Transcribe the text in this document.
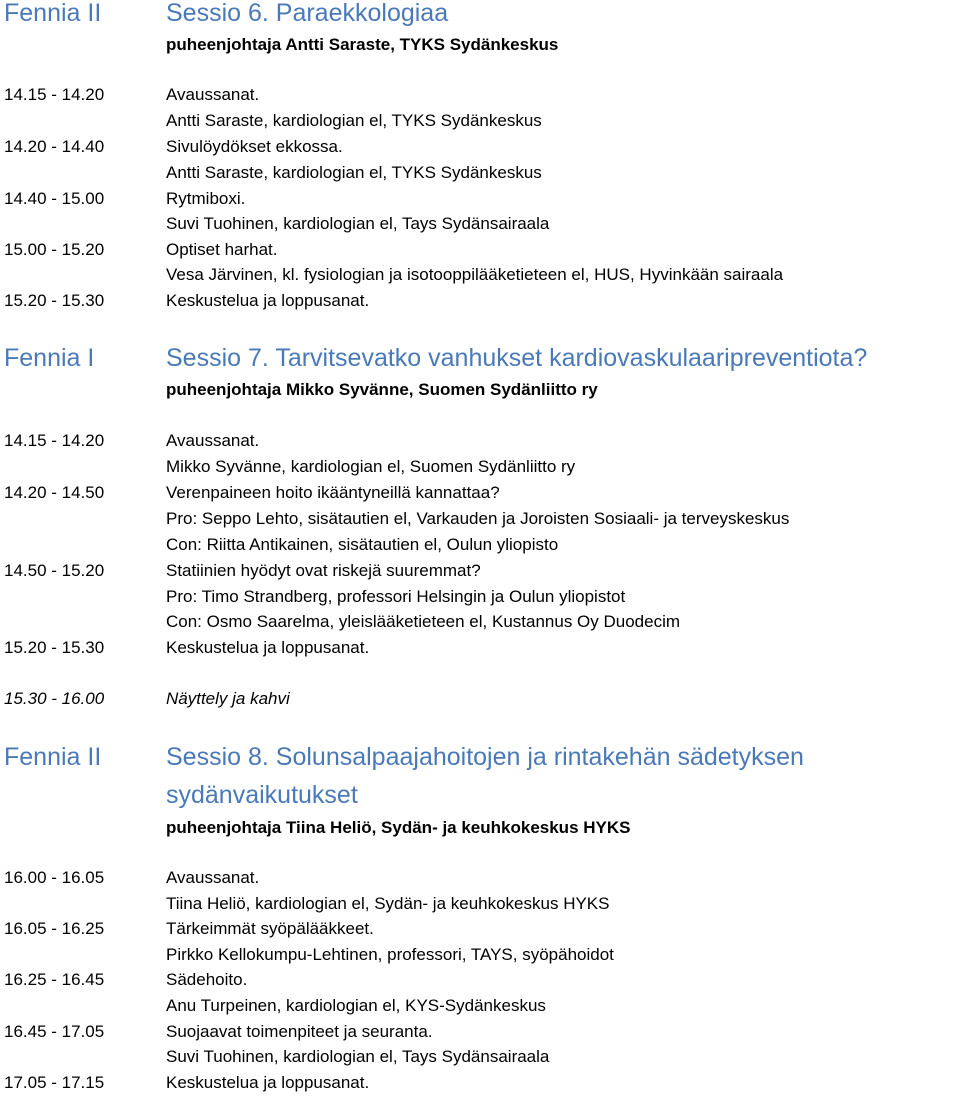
Fennia II	Sessio 6. Paraekkologiaa
puheenjohtaja Antti Saraste, TYKS Sydänkeskus
14.15 - 14.20	Avaussanat.
Antti Saraste, kardiologian el, TYKS Sydänkeskus
14.20 - 14.40	Sivulöydökset ekkossa.
Antti Saraste, kardiologian el, TYKS Sydänkeskus
14.40 - 15.00	Rytmiboxi.
Suvi Tuohinen, kardiologian el, Tays Sydänsairaala
15.00 - 15.20	Optiset harhat.
Vesa Järvinen, kl. fysiologian ja isotooppilääketieteen el, HUS, Hyvinkään sairaala
15.20 - 15.30	Keskustelua ja loppusanat.
Fennia I	Sessio 7. Tarvitsevatko vanhukset kardiovaskulaaripreventiota?
puheenjohtaja Mikko Syvänne, Suomen Sydänliitto ry
14.15 - 14.20	Avaussanat.
Mikko Syvänne, kardiologian el, Suomen Sydänliitto ry
14.20 - 14.50	Verenpaineen hoito ikääntyneillä kannattaa?
Pro: Seppo Lehto, sisätautien el, Varkauden ja Joroisten Sosiaali- ja terveyskeskus
Con: Riitta Antikainen, sisätautien el, Oulun yliopisto
14.50 - 15.20	Statiinien hyödyt ovat riskejä suuremmat?
Pro: Timo Strandberg, professori Helsingin ja Oulun yliopistot
Con: Osmo Saarelma, yleislääketieteen el, Kustannus Oy Duodecim
15.20 - 15.30	Keskustelua ja loppusanat.
15.30 - 16.00	Näyttely ja kahvi
Fennia II	Sessio 8. Solunsalpaajahoitojen ja rintakehän sädetyksen
sydänvaikutukset
puheenjohtaja Tiina Heliö, Sydän- ja keuhkokeskus HYKS
16.00 - 16.05	Avaussanat.
Tiina Heliö, kardiologian el, Sydän- ja keuhkokeskus HYKS
16.05 - 16.25	Tärkeimmät syöpälääkkeet.
Pirkko Kellokumpu-Lehtinen, professori, TAYS, syöpähoidot
16.25 - 16.45	Sädehoito.
Anu Turpeinen, kardiologian el, KYS-Sydänkeskus
16.45 - 17.05	Suojaavat toimenpiteet ja seuranta.
Suvi Tuohinen, kardiologian el, Tays Sydänsairaala
17.05 - 17.15	Keskustelua ja loppusanat.
